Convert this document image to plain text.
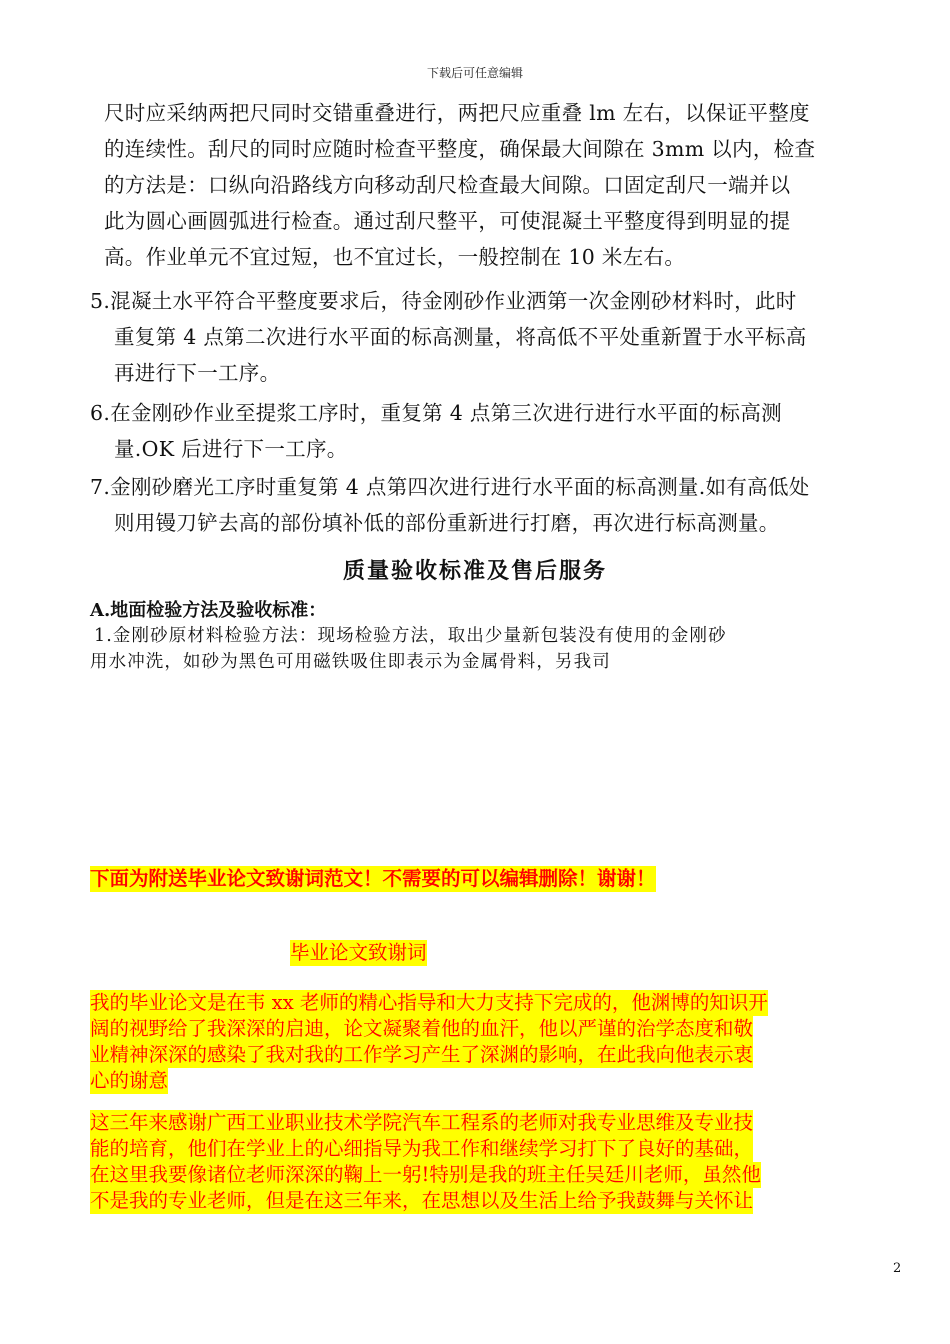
下载后可任意编辑
尺时应采纳两把尺同时交错重叠进行，两把尺应重叠 lm 左右，以保证平整度
的连续性。刮尺的同时应随时检查平整度，确保最大间隙在 3mm 以内，检查
的方法是：口纵向沿路线方向移动刮尺检查最大间隙。口固定刮尺一端并以
此为圆心画圆弧进行检查。通过刮尺整平，可使混凝土平整度得到明显的提
高。作业单元不宜过短，也不宜过长，一般控制在 10 米左右。
5.混凝土水平符合平整度要求后，待金刚砂作业洒第一次金刚砂材料时，此时
重复第 4 点第二次进行水平面的标高测量，将高低不平处重新置于水平标高
再进行下一工序。
6.在金刚砂作业至提浆工序时，重复第 4 点第三次进行进行水平面的标高测
量.OK 后进行下一工序。
7.金刚砂磨光工序时重复第 4 点第四次进行进行水平面的标高测量.如有高低处
则用镘刀铲去高的部份填补低的部份重新进行打磨，再次进行标高测量。
质量验收标准及售后服务
A.地面检验方法及验收标准：
1.金刚砂原材料检验方法：现场检验方法，取出少量新包装没有使用的金刚砂
用水冲洗，如砂为黑色可用磁铁吸住即表示为金属骨料，另我司
下面为附送毕业论文致谢词范文！不需要的可以编辑删除！谢谢！
毕业论文致谢词
我的毕业论文是在韦 xx 老师的精心指导和大力支持下完成的，他渊博的知识开
阔的视野给了我深深的启迪，论文凝聚着他的血汗，他以严谨的治学态度和敬
业精神深深的感染了我对我的工作学习产生了深渊的影响，在此我向他表示衷
心的谢意
这三年来感谢广西工业职业技术学院汽车工程系的老师对我专业思维及专业技
能的培育，他们在学业上的心细指导为我工作和继续学习打下了良好的基础，
在这里我要像诸位老师深深的鞠上一躬!特别是我的班主任吴廷川老师，虽然他
不是我的专业老师，但是在这三年来，在思想以及生活上给予我鼓舞与关怀让
2
